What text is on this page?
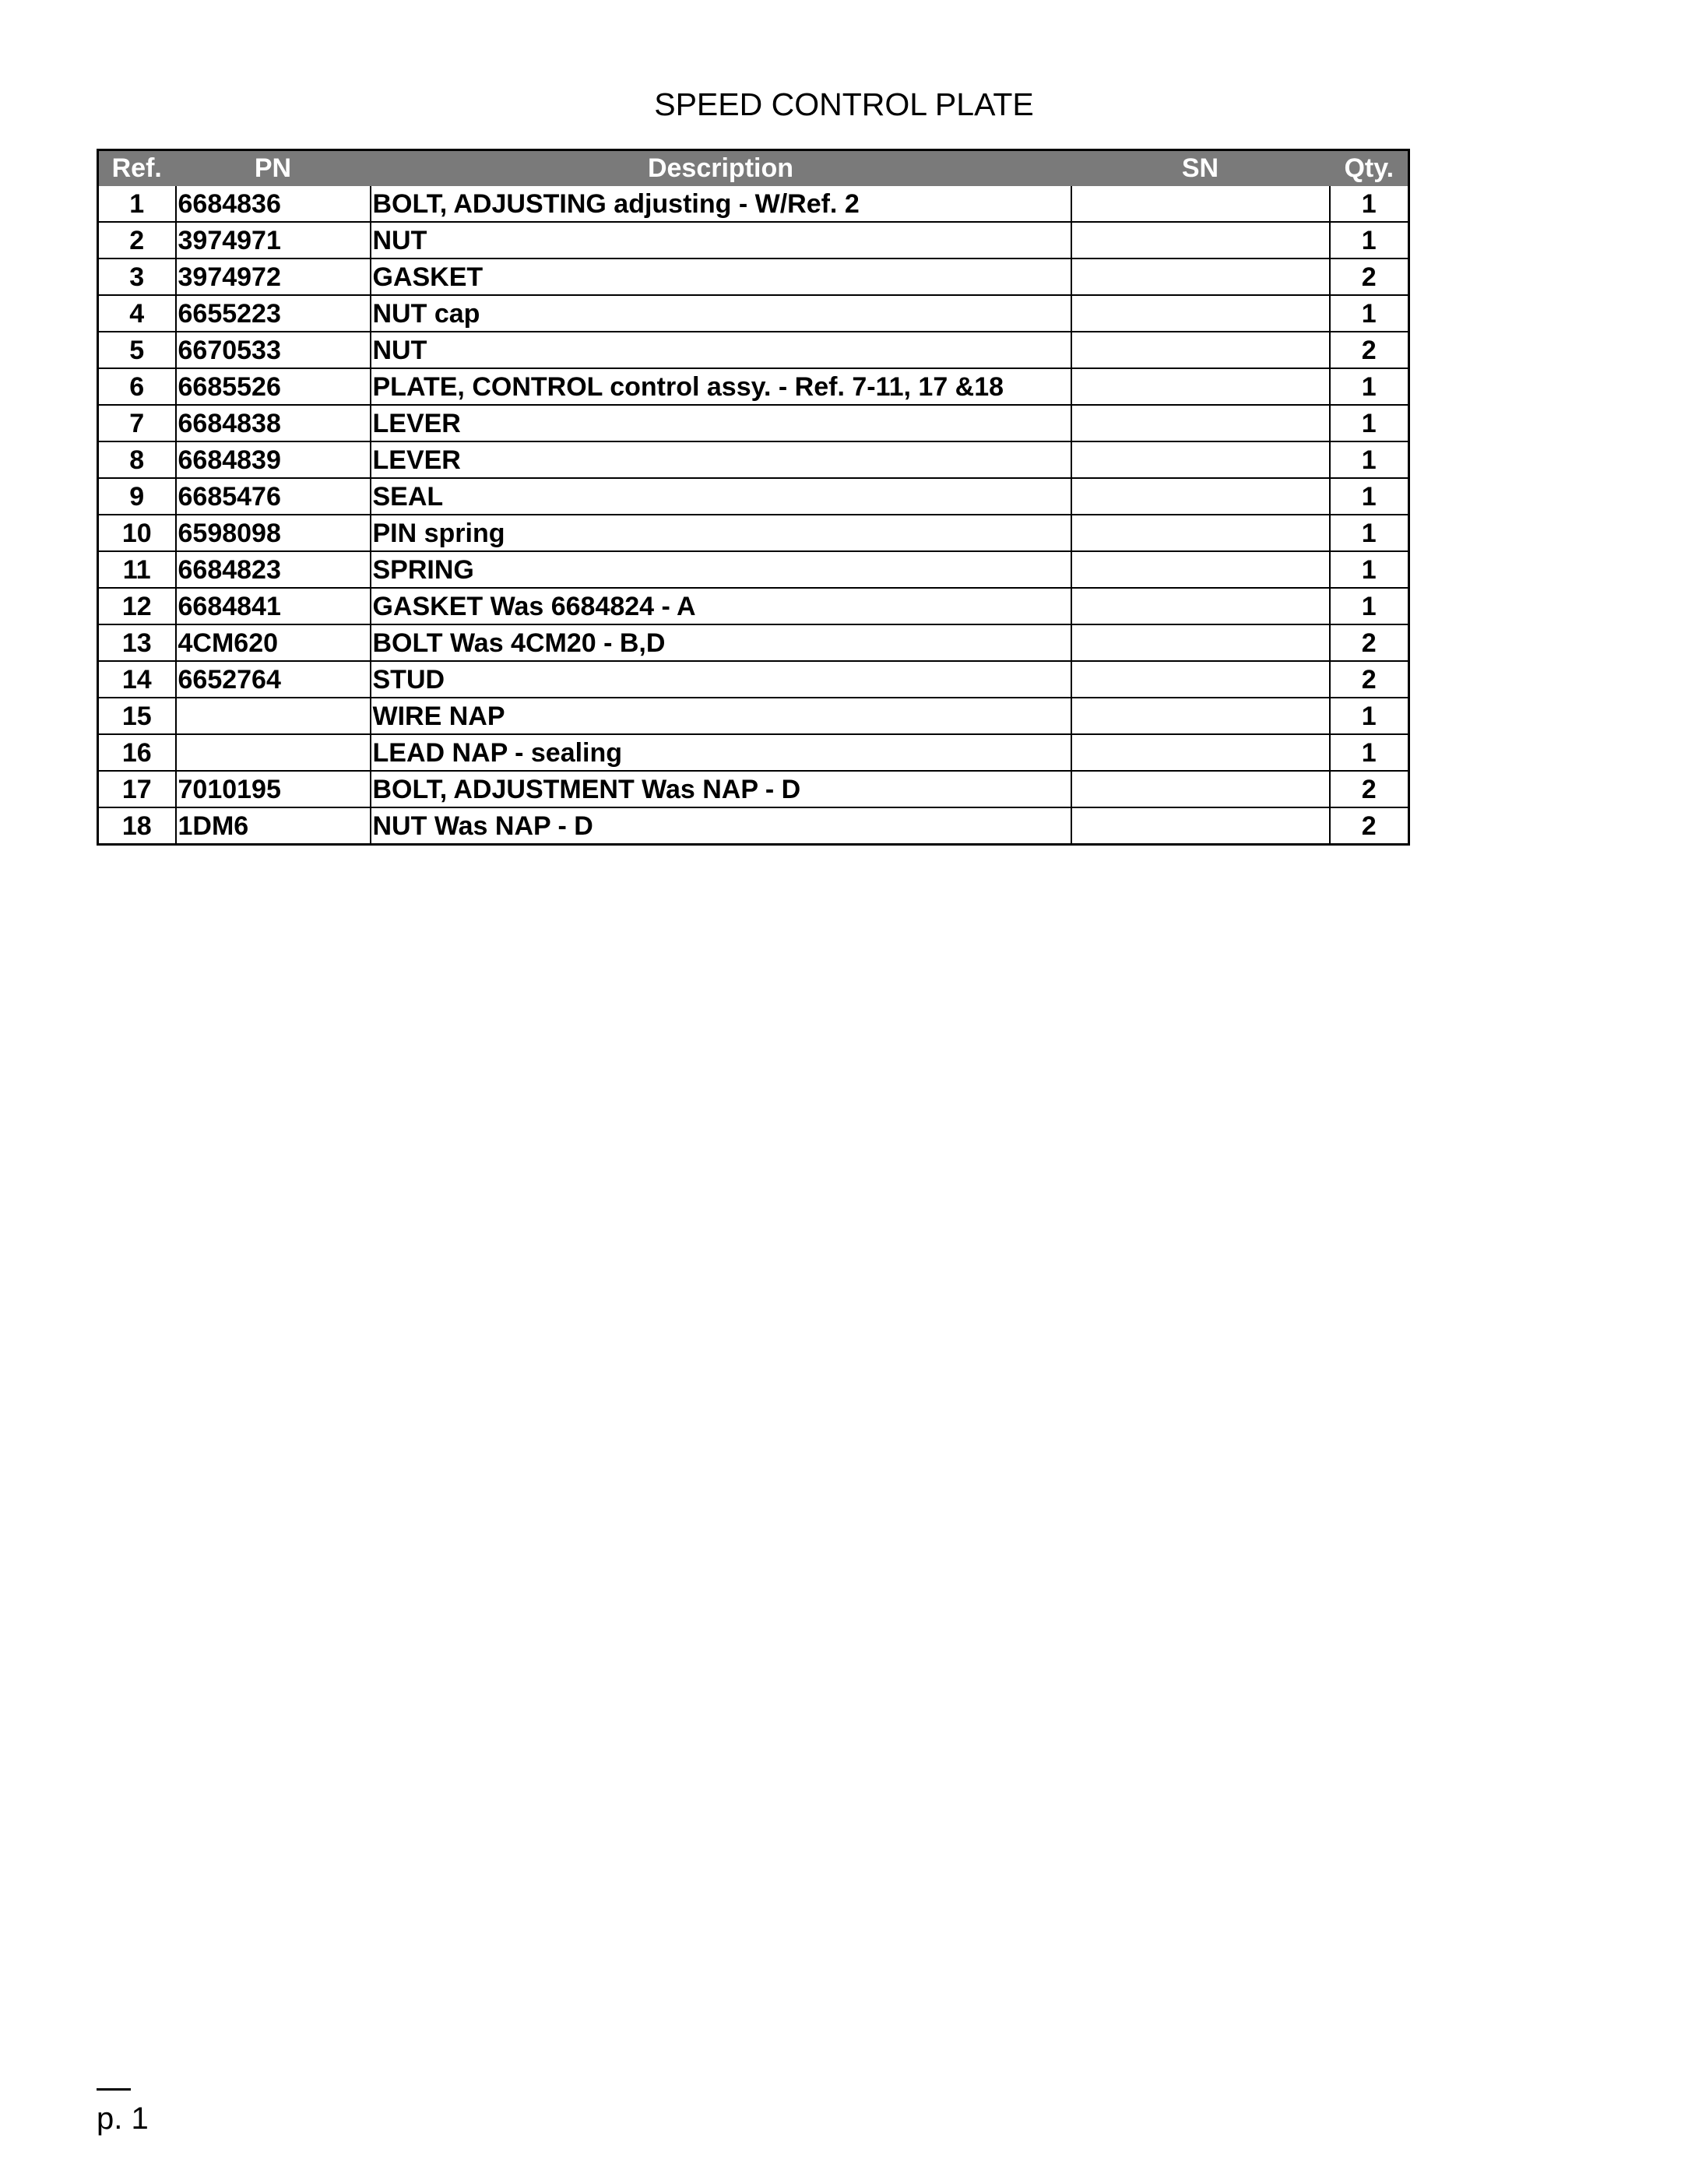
SPEED CONTROL PLATE
Ref.	PN	Description	SN	Qty.
1	6684836	BOLT, ADJUSTING adjusting - W/Ref. 2		1
2	3974971	NUT		1
3	3974972	GASKET		2
4	6655223	NUT cap		1
5	6670533	NUT		2
6	6685526	PLATE, CONTROL control assy. - Ref. 7-11, 17 &18		1
7	6684838	LEVER		1
8	6684839	LEVER		1
9	6685476	SEAL		1
10	6598098	PIN spring		1
11	6684823	SPRING		1
12	6684841	GASKET Was 6684824 - A		1
13	4CM620	BOLT Was 4CM20 - B,D		2
14	6652764	STUD		2
15		WIRE NAP		1
16		LEAD NAP - sealing		1
17	7010195	BOLT, ADJUSTMENT Was NAP - D		2
18	1DM6	NUT Was NAP - D		2
p. 1
